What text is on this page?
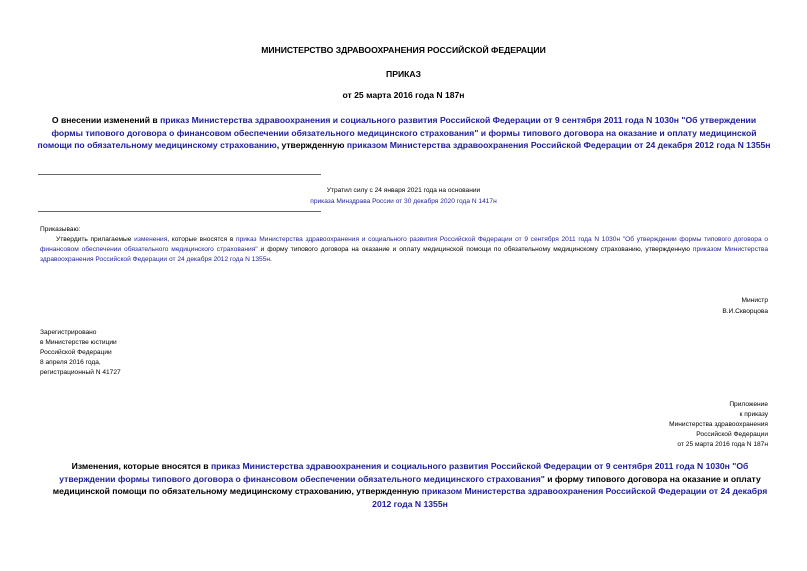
МИНИСТЕРСТВО ЗДРАВООХРАНЕНИЯ РОССИЙСКОЙ ФЕДЕРАЦИИ
ПРИКАЗ
от 25 марта 2016 года N 187н
О внесении изменений в приказ Министерства здравоохранения и социального развития Российской Федерации от 9 сентября 2011 года N 1030н "Об утверждении формы типового договора о финансовом обеспечении обязательного медицинского страхования" и формы типового договора на оказание и оплату медицинской помощи по обязательному медицинскому страхованию, утвержденную приказом Министерства здравоохранения Российской Федерации от 24 декабря 2012 года N 1355н
Утратил силу с 24 января 2021 года на основании
приказа Минздрава России от 30 декабря 2020 года N 1417н
Приказываю:
Утвердить прилагаемые изменения, которые вносятся в приказ Министерства здравоохранения и социального развития Российской Федерации от 9 сентября 2011 года N 1030н "Об утверждении формы типового договора о финансовом обеспечении обязательного медицинского страхования" и форму типового договора на оказание и оплату медицинской помощи по обязательному медицинскому страхованию, утвержденную приказом Министерства здравоохранения Российской Федерации от 24 декабря 2012 года N 1355н.
Министр
В.И.Скворцова
Зарегистрировано
в Министерстве юстиции
Российской Федерации
8 апреля 2016 года,
регистрационный N 41727
Приложение
к приказу
Министерства здравоохранения
Российской Федерации
от 25 марта 2016 года N 187н
Изменения, которые вносятся в приказ Министерства здравоохранения и социального развития Российской Федерации от 9 сентября 2011 года N 1030н "Об утверждении формы типового договора о финансовом обеспечении обязательного медицинского страхования" и форму типового договора на оказание и оплату медицинской помощи по обязательному медицинскому страхованию, утвержденную приказом Министерства здравоохранения Российской Федерации от 24 декабря 2012 года N 1355н
